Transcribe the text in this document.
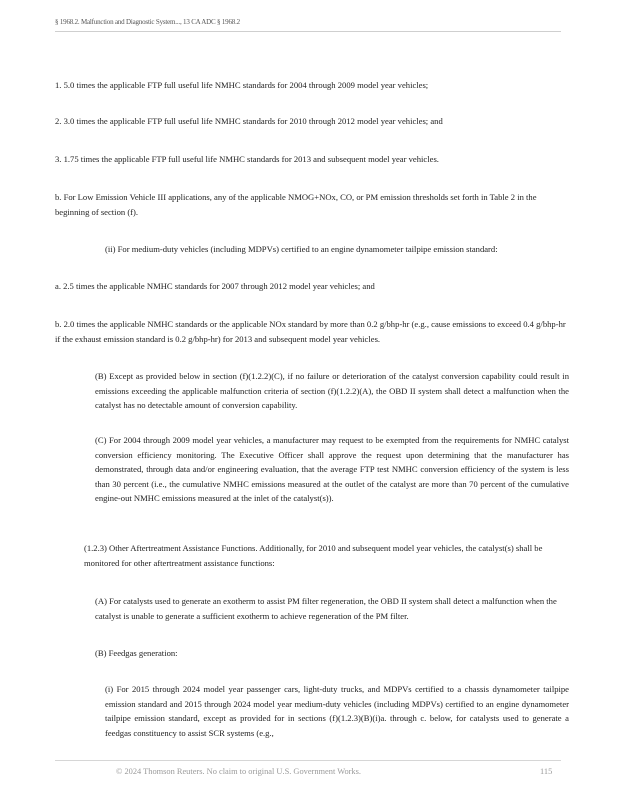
§ 1968.2. Malfunction and Diagnostic System..., 13 CA ADC § 1968.2

1. 5.0 times the applicable FTP full useful life NMHC standards for 2004 through 2009 model year vehicles;

2. 3.0 times the applicable FTP full useful life NMHC standards for 2010 through 2012 model year vehicles; and

3. 1.75 times the applicable FTP full useful life NMHC standards for 2013 and subsequent model year vehicles.

b. For Low Emission Vehicle III applications, any of the applicable NMOG+NOx, CO, or PM emission thresholds set forth in Table 2 in the beginning of section (f).

(ii) For medium-duty vehicles (including MDPVs) certified to an engine dynamometer tailpipe emission standard:

a. 2.5 times the applicable NMHC standards for 2007 through 2012 model year vehicles; and

b. 2.0 times the applicable NMHC standards or the applicable NOx standard by more than 0.2 g/bhp-hr (e.g., cause emissions to exceed 0.4 g/bhp-hr if the exhaust emission standard is 0.2 g/bhp-hr) for 2013 and subsequent model year vehicles.

(B) Except as provided below in section (f)(1.2.2)(C), if no failure or deterioration of the catalyst conversion capability could result in emissions exceeding the applicable malfunction criteria of section (f)(1.2.2)(A), the OBD II system shall detect a malfunction when the catalyst has no detectable amount of conversion capability.

(C) For 2004 through 2009 model year vehicles, a manufacturer may request to be exempted from the requirements for NMHC catalyst conversion efficiency monitoring. The Executive Officer shall approve the request upon determining that the manufacturer has demonstrated, through data and/or engineering evaluation, that the average FTP test NMHC conversion efficiency of the system is less than 30 percent (i.e., the cumulative NMHC emissions measured at the outlet of the catalyst are more than 70 percent of the cumulative engine-out NMHC emissions measured at the inlet of the catalyst(s)).

(1.2.3) Other Aftertreatment Assistance Functions. Additionally, for 2010 and subsequent model year vehicles, the catalyst(s) shall be monitored for other aftertreatment assistance functions:

(A) For catalysts used to generate an exotherm to assist PM filter regeneration, the OBD II system shall detect a malfunction when the catalyst is unable to generate a sufficient exotherm to achieve regeneration of the PM filter.

(B) Feedgas generation:

(i) For 2015 through 2024 model year passenger cars, light-duty trucks, and MDPVs certified to a chassis dynamometer tailpipe emission standard and 2015 through 2024 model year medium-duty vehicles (including MDPVs) certified to an engine dynamometer tailpipe emission standard, except as provided for in sections (f)(1.2.3)(B)(i)a. through c. below, for catalysts used to generate a feedgas constituency to assist SCR systems (e.g.,

© 2024 Thomson Reuters. No claim to original U.S. Government Works.	115
